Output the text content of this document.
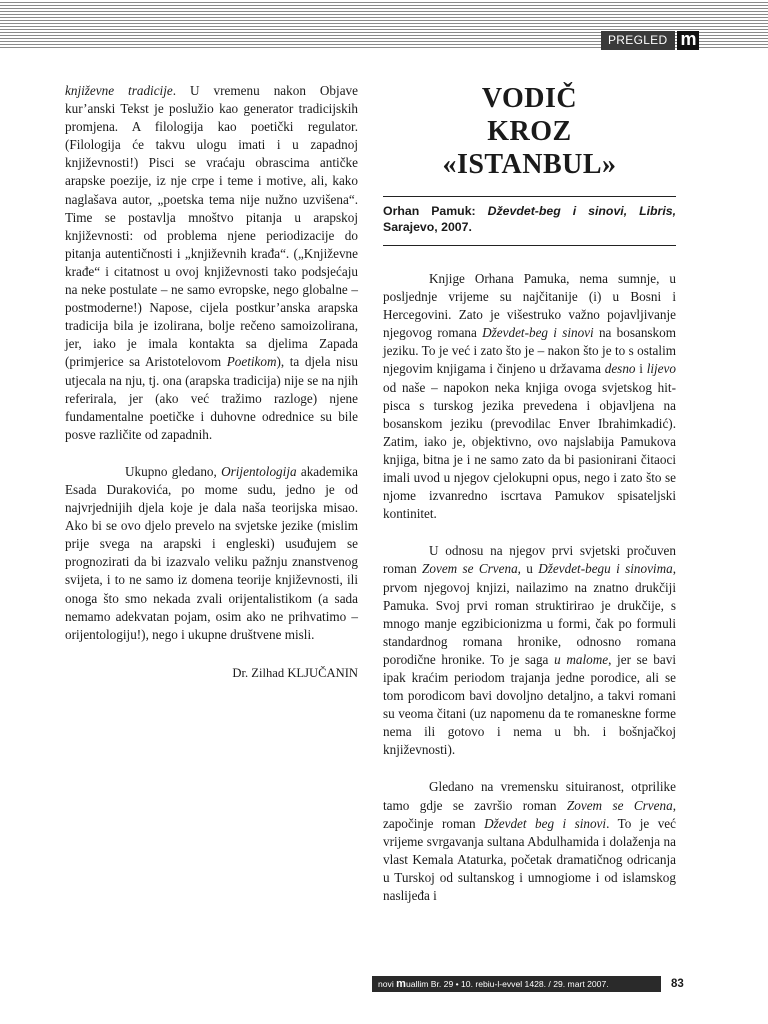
PREGLED m

književne tradicije. U vremenu nakon Objave kur’anski Tekst je poslužio kao generator tradicijskih promjena. A filologija kao poetički regulator. (Filologija će takvu ulogu imati i u zapadnoj književnosti!) Pisci se vraćaju obrascima antičke arapske poezije, iz nje crpe i teme i motive, ali, kako naglašava autor, „poetska tema nije nužno uzvišena“. Time se postavlja mnoštvo pitanja u arapskoj književnosti: od problema njene periodizacije do pitanja autentičnosti i „književnih krađa“. („Književne krađe“ i citatnost u ovoj književnosti tako podsjećaju na neke postulate – ne samo evropske, nego globalne – postmoderne!) Napose, cijela postkur’anska arapska tradicija bila je izolirana, bolje rečeno samoizolirana, jer, iako je imala kontakta sa djelima Zapada (primjerice sa Aristotelovom Poetikom), ta djela nisu utjecala na nju, tj. ona (arapska tradicija) nije se na njih referirala, jer (ako već tražimo razloge) njene fundamentalne poetičke i duhovne odrednice su bile posve različite od zapadnih.

Ukupno gledano, Orijentologija akademika Esada Durakovića, po mome sudu, jedno je od najvrjednijih djela koje je dala naša teorijska misao. Ako bi se ovo djelo prevelo na svjetske jezike (mislim prije svega na arapski i engleski) usuđujem se prognozirati da bi izazvalo veliku pažnju znanstvenog svijeta, i to ne samo iz domena teorije književnosti, ili onoga što smo nekada zvali orijentalistikom (a sada nemamo adekvatan pojam, osim ako ne prihvatimo – orijentologiju!), nego i ukupne društvene misli.

Dr. Zilhad KLJUČANIN
VODIČ
KROZ
«ISTANBUL»
Orhan Pamuk: Dževdet-beg i sinovi, Libris, Sarajevo, 2007.

Knjige Orhana Pamuka, nema sumnje, u posljednje vrijeme su najčitanije (i) u Bosni i Hercegovini. Zato je višestruko važno pojavljivanje njegovog romana Dževdet-beg i sinovi na bosanskom jeziku. To je već i zato što je – nakon što je to s ostalim njegovim knjigama i činjeno u državama desno i lijevo od naše – napokon neka knjiga ovoga svjetskog hit-pisca s turskog jezika prevedena i objavljena na bosanskom jeziku (prevodilac Enver Ibrahimkadić). Zatim, iako je, objektivno, ovo najslabija Pamukova knjiga, bitna je i ne samo zato da bi pasionirani čitaoci imali uvod u njegov cjelokupni opus, nego i zato što se njome izvanredno iscrtava Pamukov spisateljski kontinitet.

U odnosu na njegov prvi svjetski pročuven roman Zovem se Crvena, u Dževdet-begu i sinovima, prvom njegovoj knjizi, nailazimo na znatno drukčiji Pamuka. Svoj prvi roman struktirirao je drukčije, s mnogo manje egzibicionizma u formi, čak po formuli standardnog romana hronike, odnosno romana porodične hronike. To je saga u malome, jer se bavi ipak kraćim periodom trajanja jedne porodice, ali se tom porodicom bavi dovoljno detaljno, a takvi romani su veoma čitani (uz napomenu da te romaneskne forme nema ili gotovo i nema u bh. i bošnjačkoj književnosti).

Gledano na vremensku situiranost, otprilike tamo gdje se završio roman Zovem se Crvena, započinje roman Dževdet beg i sinovi. To je već vrijeme svrgavanja sultana Abdulhamida i dolaženja na vlast Kemala Ataturka, početak dramatičnog odricanja u Turskoj od sultanskog i umnogiome i od islamskog naslijeđa i

novi muallim Br. 29 • 10. rebiu-l-evvel 1428. / 29. mart 2007.	83
